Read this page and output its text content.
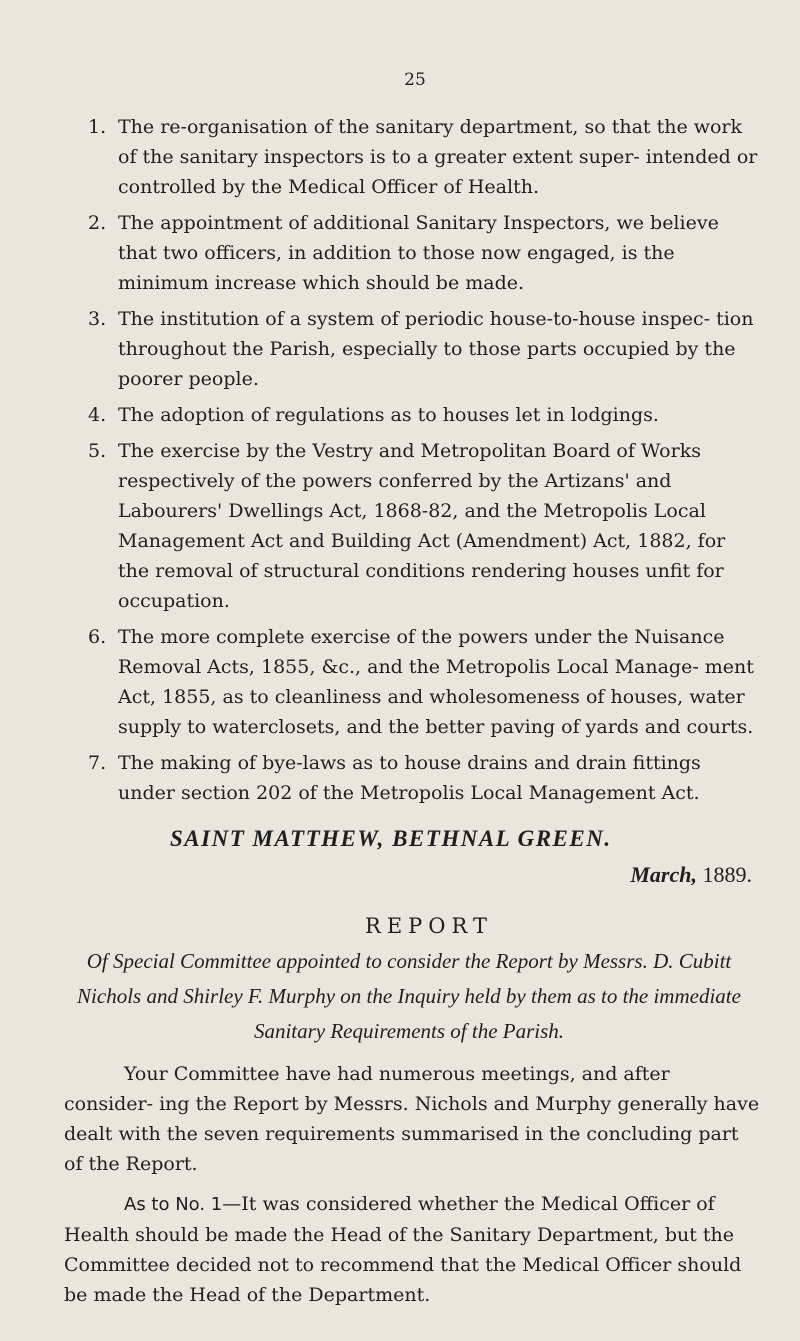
25
1. The re-organisation of the sanitary department, so that the work of the sanitary inspectors is to a greater extent super- intended or controlled by the Medical Officer of Health.
2. The appointment of additional Sanitary Inspectors, we believe that two officers, in addition to those now engaged, is the minimum increase which should be made.
3. The institution of a system of periodic house-to-house inspec- tion throughout the Parish, especially to those parts occupied by the poorer people.
4. The adoption of regulations as to houses let in lodgings.
5. The exercise by the Vestry and Metropolitan Board of Works respectively of the powers conferred by the Artizans' and Labourers' Dwellings Act, 1868-82, and the Metropolis Local Management Act and Building Act (Amendment) Act, 1882, for the removal of structural conditions rendering houses unfit for occupation.
6. The more complete exercise of the powers under the Nuisance Removal Acts, 1855, &c., and the Metropolis Local Manage- ment Act, 1855, as to cleanliness and wholesomeness of houses, water supply to waterclosets, and the better paving of yards and courts.
7. The making of bye-laws as to house drains and drain fittings under section 202 of the Metropolis Local Management Act.
SAINT MATTHEW, BETHNAL GREEN.
March, 1889.
REPORT
Of Special Committee appointed to consider the Report by Messrs. D. Cubitt Nichols and Shirley F. Murphy on the Inquiry held by them as to the immediate Sanitary Requirements of the Parish.
Your Committee have had numerous meetings, and after consider- ing the Report by Messrs. Nichols and Murphy generally have dealt with the seven requirements summarised in the concluding part of the Report.
As to No. 1—It was considered whether the Medical Officer of Health should be made the Head of the Sanitary Department, but the Committee decided not to recommend that the Medical Officer should be made the Head of the Department.
